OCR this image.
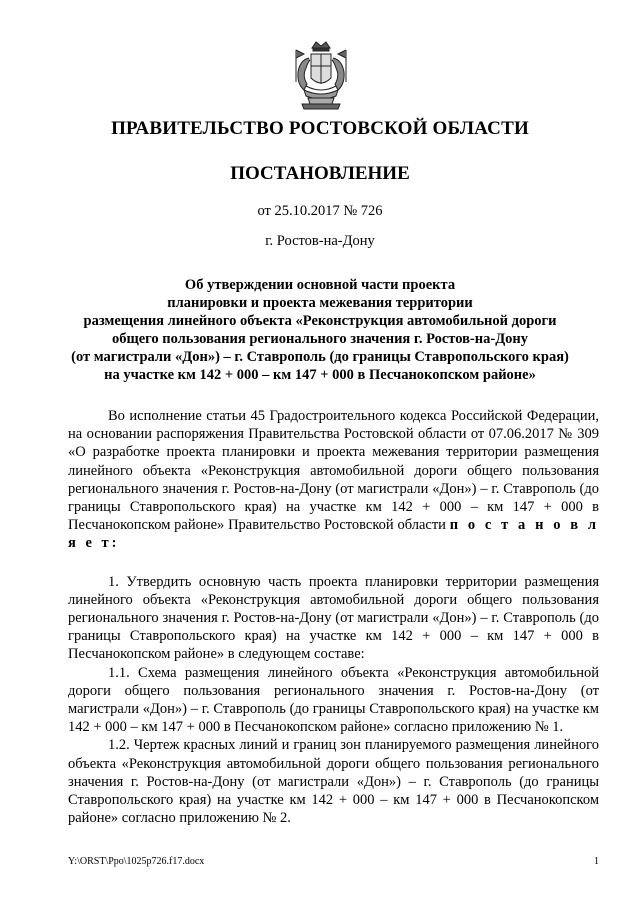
ПРАВИТЕЛЬСТВО РОСТОВСКОЙ ОБЛАСТИ
ПОСТАНОВЛЕНИЕ
от 25.10.2017 № 726
г. Ростов-на-Дону
Об утверждении основной части проекта
планировки и проекта межевания территории
размещения линейного объекта «Реконструкция автомобильной дороги
общего пользования регионального значения г. Ростов-на-Дону
(от магистрали «Дон») – г. Ставрополь (до границы Ставропольского края)
на участке км 142 + 000 – км 147 + 000 в Песчанокопском районе»

Во исполнение статьи 45 Градостроительного кодекса Российской Федерации, на основании распоряжения Правительства Ростовской области от 07.06.2017 № 309 «О разработке проекта планировки и проекта межевания территории размещения линейного объекта «Реконструкция автомобильной дороги общего пользования регионального значения г. Ростов-на-Дону (от магистрали «Дон») – г. Ставрополь (до границы Ставропольского края) на участке км 142 + 000 – км 147 + 000 в Песчанокопском районе» Правительство Ростовской области п о с т а н о в л я е т:

1. Утвердить основную часть проекта планировки территории размещения линейного объекта «Реконструкция автомобильной дороги общего пользования регионального значения г. Ростов-на-Дону (от магистрали «Дон») – г. Ставрополь (до границы Ставропольского края) на участке км 142 + 000 – км 147 + 000 в Песчанокопском районе» в следующем составе:

1.1. Схема размещения линейного объекта «Реконструкция автомобильной дороги общего пользования регионального значения г. Ростов-на-Дону (от магистрали «Дон») – г. Ставрополь (до границы Ставропольского края) на участке км 142 + 000 – км 147 + 000 в Песчанокопском районе» согласно приложению № 1.

1.2. Чертеж красных линий и границ зон планируемого размещения линейного объекта «Реконструкция автомобильной дороги общего пользования регионального значения г. Ростов-на-Дону (от магистрали «Дон») – г. Ставрополь (до границы Ставропольского края) на участке км 142 + 000 – км 147 + 000 в Песчанокопском районе» согласно приложению № 2.

Y:\ORST\Ppo\1025p726.f17.docx	1
